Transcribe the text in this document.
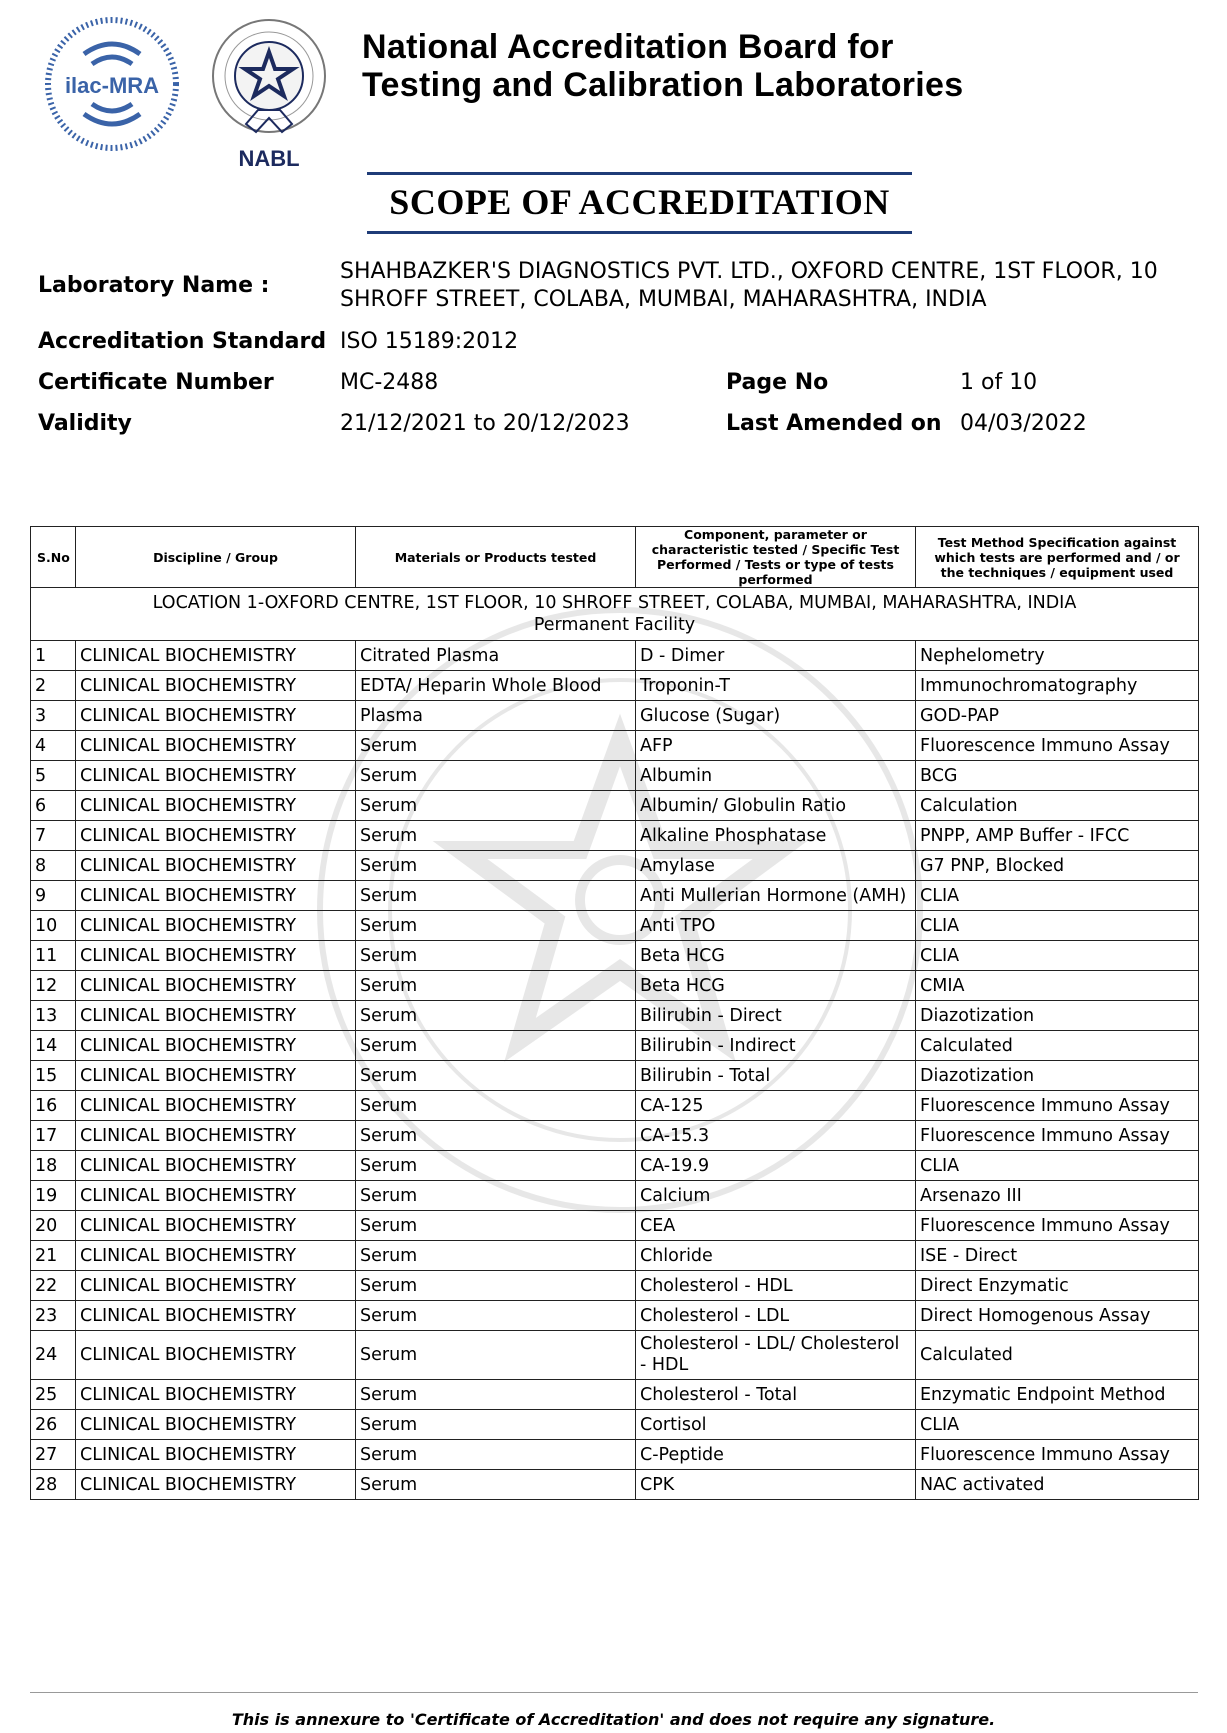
ilac-MRA
NABL
National Accreditation Board for
Testing and Calibration Laboratories
SCOPE OF ACCREDITATION
Laboratory Name :
SHAHBAZKER'S DIAGNOSTICS PVT. LTD., OXFORD CENTRE, 1ST FLOOR, 10
SHROFF STREET, COLABA, MUMBAI, MAHARASHTRA, INDIA
Accreditation Standard ISO 15189:2012
Certificate Number	MC-2488	Page No	1 of 10
Validity	21/12/2021 to 20/12/2023	Last Amended on 04/03/2022
S.No	Discipline / Group	Materials or Products tested	Component, parameter or characteristic tested / Specific Test Performed / Tests or type of tests performed	Test Method Specification against which tests are performed and / or the techniques / equipment used

LOCATION 1-OXFORD CENTRE, 1ST FLOOR, 10 SHROFF STREET, COLABA, MUMBAI, MAHARASHTRA, INDIA
Permanent Facility				

1	CLINICAL BIOCHEMISTRY	Citrated Plasma	D - Dimer	Nephelometry
2	CLINICAL BIOCHEMISTRY	EDTA/ Heparin Whole Blood	Troponin-T	Immunochromatography
3	CLINICAL BIOCHEMISTRY	Plasma	Glucose (Sugar)	GOD-PAP
4	CLINICAL BIOCHEMISTRY	Serum	AFP	Fluorescence Immuno Assay
5	CLINICAL BIOCHEMISTRY	Serum	Albumin	BCG
6	CLINICAL BIOCHEMISTRY	Serum	Albumin/ Globulin Ratio	Calculation
7	CLINICAL BIOCHEMISTRY	Serum	Alkaline Phosphatase	PNPP, AMP Buffer - IFCC
8	CLINICAL BIOCHEMISTRY	Serum	Amylase	G7 PNP, Blocked
9	CLINICAL BIOCHEMISTRY	Serum	Anti Mullerian Hormone (AMH)	CLIA
10	CLINICAL BIOCHEMISTRY	Serum	Anti TPO	CLIA
11	CLINICAL BIOCHEMISTRY	Serum	Beta HCG	CLIA
12	CLINICAL BIOCHEMISTRY	Serum	Beta HCG	CMIA
13	CLINICAL BIOCHEMISTRY	Serum	Bilirubin - Direct	Diazotization
14	CLINICAL BIOCHEMISTRY	Serum	Bilirubin - Indirect	Calculated
15	CLINICAL BIOCHEMISTRY	Serum	Bilirubin - Total	Diazotization
16	CLINICAL BIOCHEMISTRY	Serum	CA-125	Fluorescence Immuno Assay
17	CLINICAL BIOCHEMISTRY	Serum	CA-15.3	Fluorescence Immuno Assay
18	CLINICAL BIOCHEMISTRY	Serum	CA-19.9	CLIA
19	CLINICAL BIOCHEMISTRY	Serum	Calcium	Arsenazo III
20	CLINICAL BIOCHEMISTRY	Serum	CEA	Fluorescence Immuno Assay
21	CLINICAL BIOCHEMISTRY	Serum	Chloride	ISE - Direct
22	CLINICAL BIOCHEMISTRY	Serum	Cholesterol - HDL	Direct Enzymatic
23	CLINICAL BIOCHEMISTRY	Serum	Cholesterol - LDL	Direct Homogenous Assay
24	CLINICAL BIOCHEMISTRY	Serum	Cholesterol - LDL/ Cholesterol - HDL	Calculated
25	CLINICAL BIOCHEMISTRY	Serum	Cholesterol - Total	Enzymatic Endpoint Method
26	CLINICAL BIOCHEMISTRY	Serum	Cortisol	CLIA
27	CLINICAL BIOCHEMISTRY	Serum	C-Peptide	Fluorescence Immuno Assay
28	CLINICAL BIOCHEMISTRY	Serum	CPK	NAC activated
This is annexure to 'Certificate of Accreditation' and does not require any signature.
